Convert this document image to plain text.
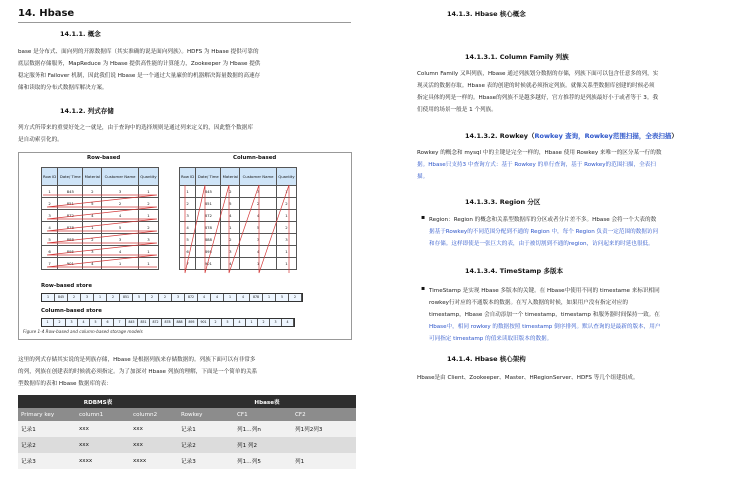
14. Hbase
14.1.1. 概念
base 是分布式、面向列的开源数据库（其实准确的说是面向列族）。HDFS 为 Hbase 提供可靠的
底层数据存储服务，MapReduce 为 Hbase 提供高性能的计算能力，Zookeeper 为 Hbase 提供
稳定服务和 Failover 机制，因此我们说 Hbase 是一个通过大量廉价的机器解决海量数据的高速存
储和读取的分布式数据库解决方案。
14.1.2. 列式存储
列方式所带来的重要好处之一就是，由于查询中的选择规则是通过列来定义的，因此整个数据库
是自动索引化的。
Row-based	Column-based
Row ID	Date/ Time	Material	Customer Name	Quantity
1	845	2	3	1
2	851	5	2	2
3	872	4	4	1
4	878	1	5	2
5	888	2	3	3
6	895	3	4	1
7	901	4	1	1
Row ID	Date/ Time	Material	Customer Name	Quantity
1	845	2	3	1
2	851	5	2	2
3	872	4	4	1
4	878	1	5	2
5	888	2	3	3
6	895	3	4	1
7	901	4	1	1
Row-based store
1	845	2	3	1	2	851	5	2	2	3	872	4	4	1	4	878	1	5	2
Column-based store
1	2	3	4	5	6	7	845	851	872	878	888	895	901	2	5	4	1	2	3	4
Figure 1-4 Row-based and column-based storage models
这里的列式存储其实说的是列族存储，Hbase 是根据列族来存储数据的。列族下面可以有非常多
的列，列族在创建表的时候就必须指定。为了加深对 Hbase 列族的理解，下面是一个简单的关系
型数据库的表和 Hbase 数据库的表：
RDBMS表			Hbase表		
Primary key	column1	column2	Rowkey	CF1	CF2
记录1	xxx	xxx	记录1	列1…列n	列1列2列3
记录2	xxx	xxx	记录2	列1 列2	
记录3	xxxx	xxxx	记录3	列1…列5	列1
14.1.3. Hbase 核心概念
14.1.3.1. Column Family 列族
Column Family 又叫列族，Hbase 通过列族划分数据的存储，列族下面可以包含任意多的列，实
现灵活的数据存取。Hbase 表的创建的时候就必须指定列族。就像关系型数据库创建的时候必须
指定具体的列是一样的。Hbase的列族不是越多越好，官方推荐的是列族最好小于或者等于 3。我
们使用的场景一般是 1 个列族。
14.1.3.2. Rowkey（Rowkey 查询，Rowkey范围扫描，全表扫描）
Rowkey 的概念和 mysql 中的主键是完全一样的，Hbase 使用 Rowkey 来唯一的区分某一行的数
据。Hbase只支持3 中查询方式：基于 Rowkey 的单行查询，基于 Rowkey的范围扫描，全表扫
描。
14.1.3.3. Region 分区
▪ Region：Region 的概念和关系型数据库的分区或者分片差不多。Hbase 会将一个大表的数
据基于Rowkey的不同范围分配到不通的 Region 中，每个 Region 负责一定范围的数据访问
和存储。这样即使是一张巨大的表，由于被切割到不通的region，访问起来的时延也很低。
14.1.3.4. TimeStamp 多版本
▪ TimeStamp 是实现 Hbase 多版本的关键。在 Hbase中使用不同的 timestame 来标识相同
rowkey行对应的不通版本的数据。在写入数据的时候，如果用户没有指定对应的
timestamp，Hbase 会自动添加一个 timestamp，timestamp 和服务器时间保持一致。在
Hbase中，相同 rowkey 的数据按照 timestamp 倒序排列。默认查询的是最新的版本，用户
可同指定 timestamp 的值来读取旧版本的数据。
14.1.4. Hbase 核心架构
Hbase是由 Client、Zookeeper、Master、HRegionServer、HDFS 等几个组建组成。
